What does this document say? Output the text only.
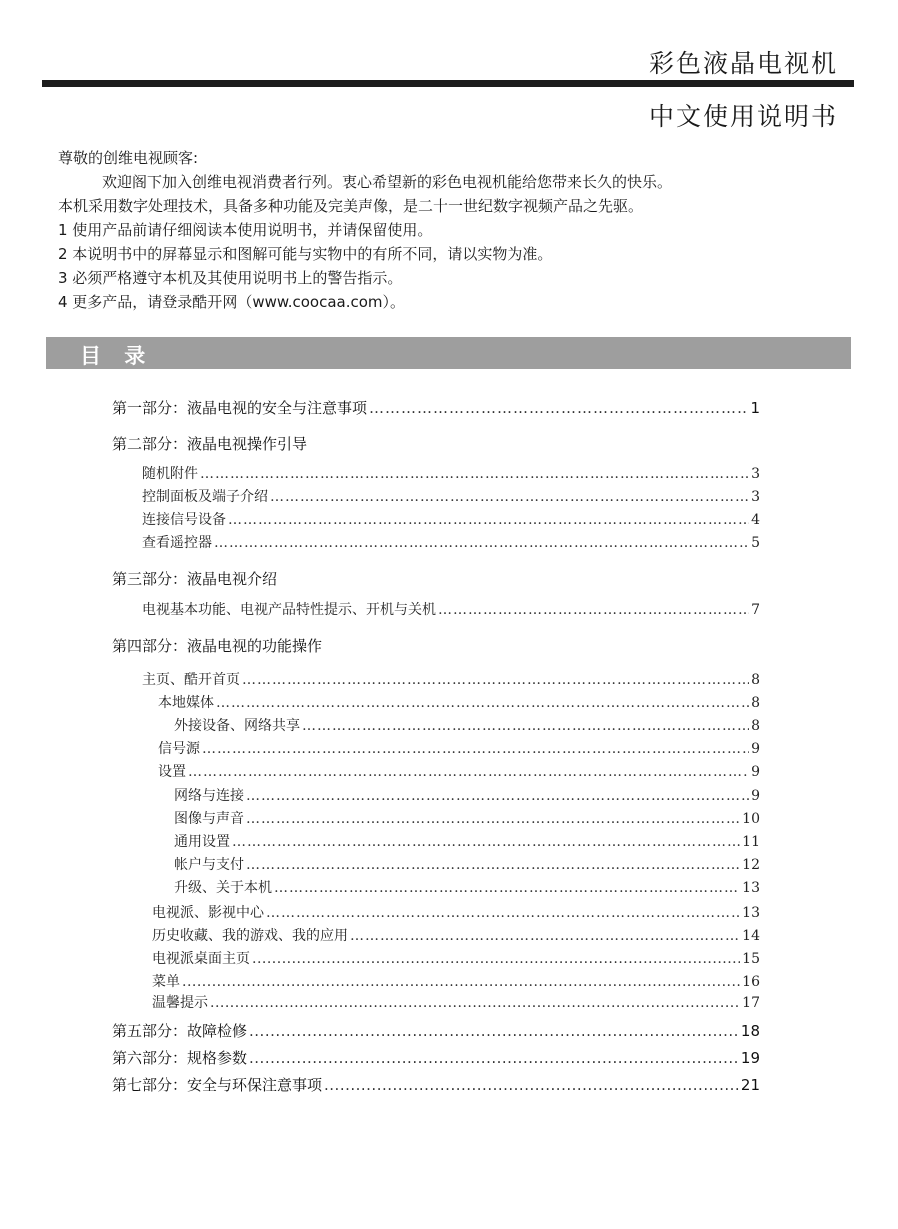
彩色液晶电视机
中文使用说明书
尊敬的创维电视顾客:
欢迎阁下加入创维电视消费者行列。衷心希望新的彩色电视机能给您带来长久的快乐。
本机采用数字处理技术，具备多种功能及完美声像，是二十一世纪数字视频产品之先驱。
1 使用产品前请仔细阅读本使用说明书，并请保留使用。
2 本说明书中的屏幕显示和图解可能与实物中的有所不同，请以实物为准。
3 必须严格遵守本机及其使用说明书上的警告指示。
4 更多产品，请登录酷开网（www.coocaa.com）。
目 录
第一部分：液晶电视的安全与注意事项 ………………………………………………………………………………………………………………………………………………………………………………………	1
第二部分：液晶电视操作引导
随机附件 ………………………………………………………………………………………………………………………………………………………………………………………	3
控制面板及端子介绍 ………………………………………………………………………………………………………………………………………………………………………………………	3
连接信号设备 ………………………………………………………………………………………………………………………………………………………………………………………	4
查看遥控器 ………………………………………………………………………………………………………………………………………………………………………………………	5
第三部分：液晶电视介绍
电视基本功能、电视产品特性提示、开机与关机 ………………………………………………………………………………………………………………………………………………………………………………………	7
第四部分：液晶电视的功能操作
主页、酷开首页 ………………………………………………………………………………………………………………………………………………………………………………………	8
本地媒体 ………………………………………………………………………………………………………………………………………………………………………………………	8
外接设备、网络共享 ………………………………………………………………………………………………………………………………………………………………………………………	8
信号源 ………………………………………………………………………………………………………………………………………………………………………………………	9
设置 ………………………………………………………………………………………………………………………………………………………………………………………	9
网络与连接 ………………………………………………………………………………………………………………………………………………………………………………………	9
图像与声音 ………………………………………………………………………………………………………………………………………………………………………………………	10
通用设置 ………………………………………………………………………………………………………………………………………………………………………………………	11
帐户与支付 ………………………………………………………………………………………………………………………………………………………………………………………	12
升级、关于本机 ………………………………………………………………………………………………………………………………………………………………………………………	13
电视派、影视中心 ………………………………………………………………………………………………………………………………………………………………………………………	13
历史收藏、我的游戏、我的应用 ………………………………………………………………………………………………………………………………………………………………………………………	14
电视派桌面主页 .....	15
菜单 .....	16
温馨提示 .....	17
第五部分：故障检修 .....	18
第六部分：规格参数 .....	19
第七部分：安全与环保注意事项 .....	21
